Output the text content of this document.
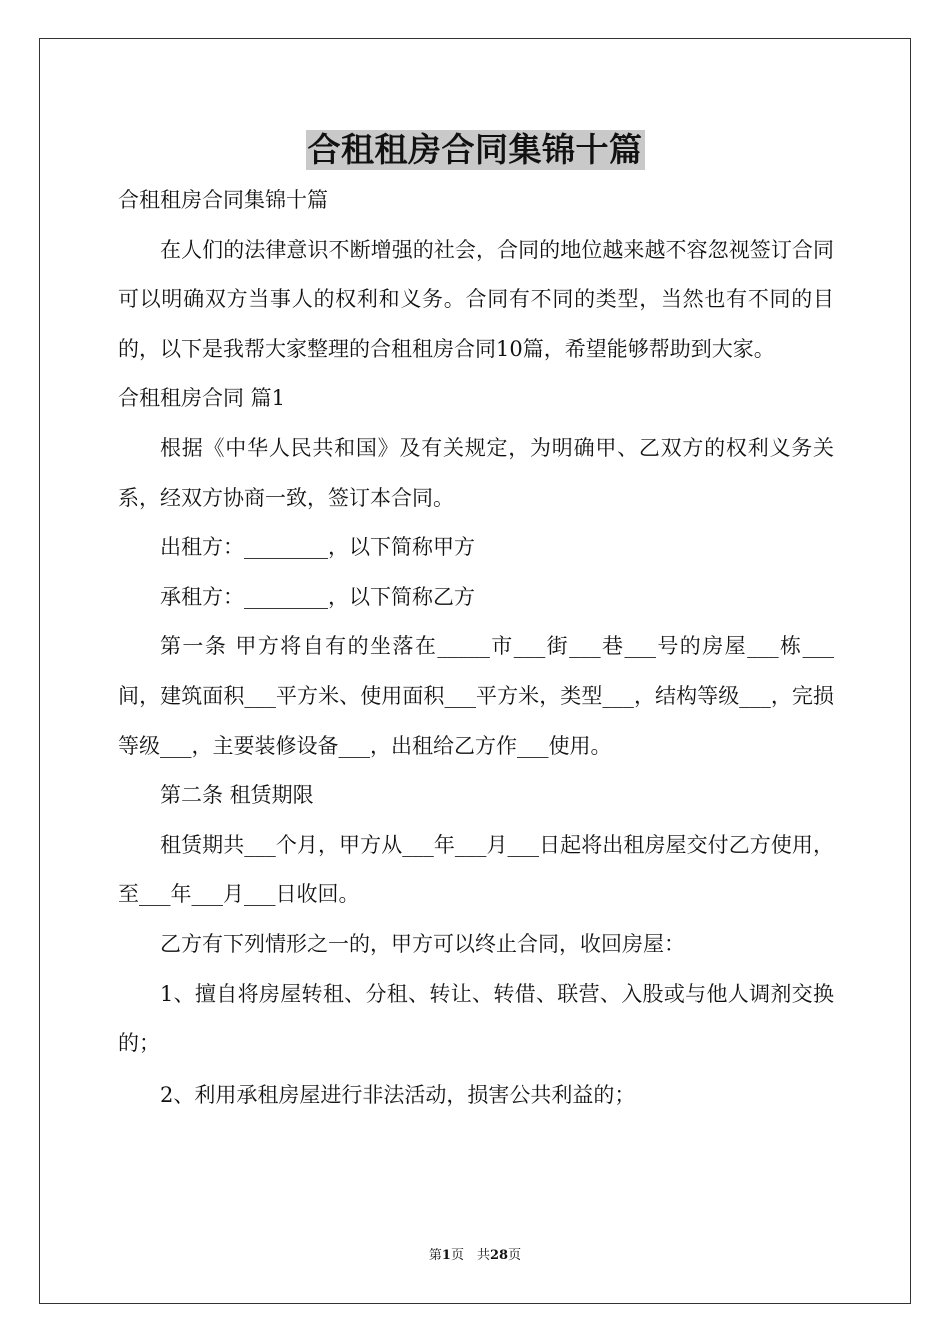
合租租房合同集锦十篇

合租租房合同集锦十篇

在人们的法律意识不断增强的社会，合同的地位越来越不容忽视签订合同可以明确双方当事人的权利和义务。合同有不同的类型，当然也有不同的目的，以下是我帮大家整理的合租租房合同10篇，希望能够帮助到大家。

合租租房合同 篇1

根据《中华人民共和国》及有关规定，为明确甲、乙双方的权利义务关系，经双方协商一致，签订本合同。

出租方：________，以下简称甲方

承租方：________，以下简称乙方

第一条 甲方将自有的坐落在_____市___街___巷___号的房屋___栋___间，建筑面积___平方米、使用面积___平方米，类型___，结构等级___，完损等级___，主要装修设备___，出租给乙方作___使用。

第二条 租赁期限

租赁期共___个月，甲方从___年___月___日起将出租房屋交付乙方使用，至___年___月___日收回。

乙方有下列情形之一的，甲方可以终止合同，收回房屋：

1、擅自将房屋转租、分租、转让、转借、联营、入股或与他人调剂交换的；

2、利用承租房屋进行非法活动，损害公共利益的；

第1页　共28页
